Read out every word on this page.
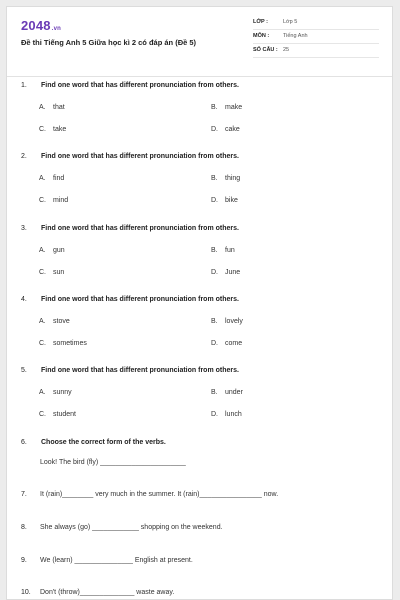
2048.vn
Đề thi Tiếng Anh 5 Giữa học kì 2 có đáp án (Đề 5)
LỚP :	Lớp 5
MÔN :	Tiếng Anh
SỐ CÂU : 25
1. Find one word that has different pronunciation from others.
A. that	B. make
C. take	D. cake
2. Find one word that has different pronunciation from others.
A. find	B. thing
C. mind	D. bike
3. Find one word that has different pronunciation from others.
A. gun	B. fun
C. sun	D. June
4. Find one word that has different pronunciation from others.
A. stove	B. lovely
C. sometimes	D. come
5. Find one word that has different pronunciation from others.
A. sunny	B. under
C. student	D. lunch
6. Choose the correct form of the verbs.
Look! The bird (fly) ______________________
7. It (rain)________ very much in the summer. It (rain)________________ now.
8. She always (go) ____________ shopping on the weekend.
9. We (learn) _______________ English at present.
10. Don't (throw)______________ waste away.
